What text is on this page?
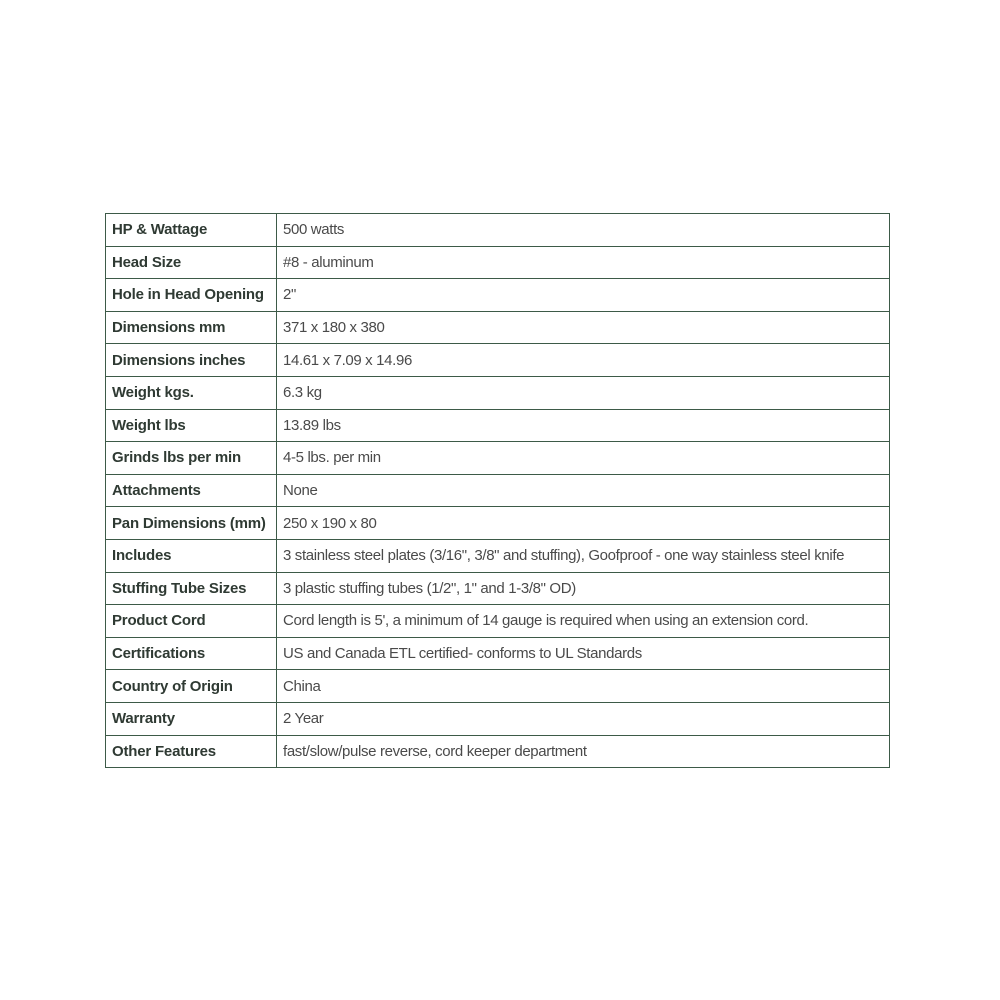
HP & Wattage	500 watts
Head Size	#8 - aluminum
Hole in Head Opening	2"
Dimensions mm	371 x 180 x 380
Dimensions inches	14.61 x 7.09 x 14.96
Weight kgs.	6.3 kg
Weight lbs	13.89 lbs
Grinds lbs per min	4-5 lbs. per min
Attachments	None
Pan Dimensions (mm)	250 x 190 x 80
Includes	3 stainless steel plates (3/16", 3/8" and stuffing), Goofproof - one way stainless steel knife
Stuffing Tube Sizes	3 plastic stuffing tubes (1/2", 1" and 1-3/8" OD)
Product Cord	Cord length is 5', a minimum of 14 gauge is required when using an extension cord.
Certifications	US and Canada ETL certified- conforms to UL Standards
Country of Origin	China
Warranty	2 Year
Other Features	fast/slow/pulse reverse, cord keeper department
